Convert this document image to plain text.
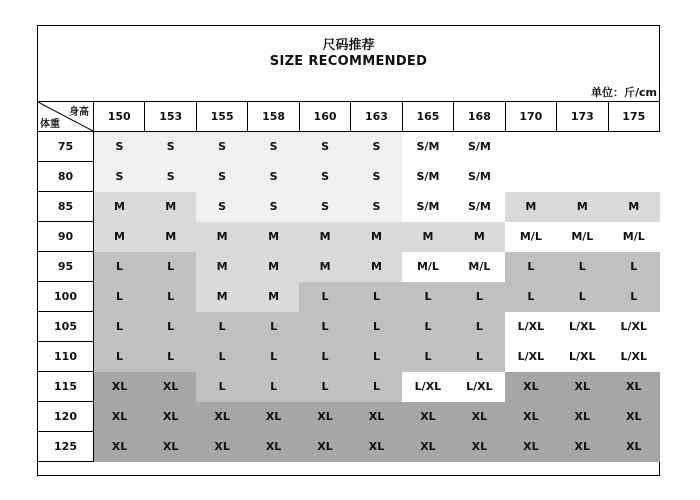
尺码推荐
SIZE RECOMMENDED
单位：斤/cm
身高
体重	150	153	155	158	160	163	165	168	170	173	175
75	S	S	S	S	S	S	S/M	S/M			
80	S	S	S	S	S	S	S/M	S/M			
85	M	M	S	S	S	S	S/M	S/M	M	M	M
90	M	M	M	M	M	M	M	M	M/L	M/L	M/L
95	L	L	M	M	M	M	M/L	M/L	L	L	L
100	L	L	M	M	L	L	L	L	L	L	L
105	L	L	L	L	L	L	L	L	L/XL	L/XL	L/XL
110	L	L	L	L	L	L	L	L	L/XL	L/XL	L/XL
115	XL	XL	L	L	L	L	L/XL	L/XL	XL	XL	XL
120	XL	XL	XL	XL	XL	XL	XL	XL	XL	XL	XL
125	XL	XL	XL	XL	XL	XL	XL	XL	XL	XL	XL
